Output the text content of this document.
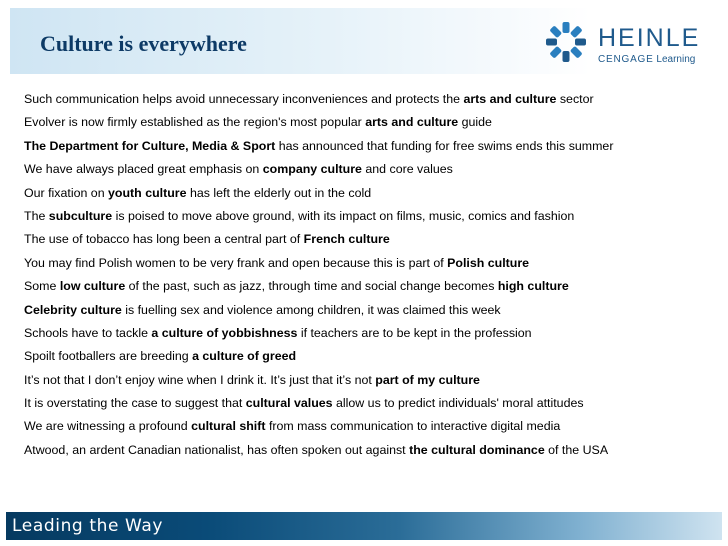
Culture is everywhere	HEINLE
CENGAGE Learning
Such communication helps avoid unnecessary inconveniences and protects the arts and culture sector
Evolver is now firmly established as the region's most popular arts and culture guide
The Department for Culture, Media & Sport has announced that funding for free swims ends this summer
We have always placed great emphasis on company culture and core values
Our fixation on youth culture has left the elderly out in the cold
The subculture is poised to move above ground, with its impact on films, music, comics and fashion
The use of tobacco has long been a central part of French culture
You may find Polish women to be very frank and open because this is part of Polish culture
Some low culture of the past, such as jazz, through time and social change becomes high culture
Celebrity culture is fuelling sex and violence among children, it was claimed this week
Schools have to tackle a culture of yobbishness if teachers are to be kept in the profession
Spoilt footballers are breeding a culture of greed
It’s not that I don’t enjoy wine when I drink it. It’s just that it’s not part of my culture
It is overstating the case to suggest that cultural values allow us to predict individuals' moral attitudes
We are witnessing a profound cultural shift from mass communication to interactive digital media
Atwood, an ardent Canadian nationalist, has often spoken out against the cultural dominance of the USA
Leading the Way
